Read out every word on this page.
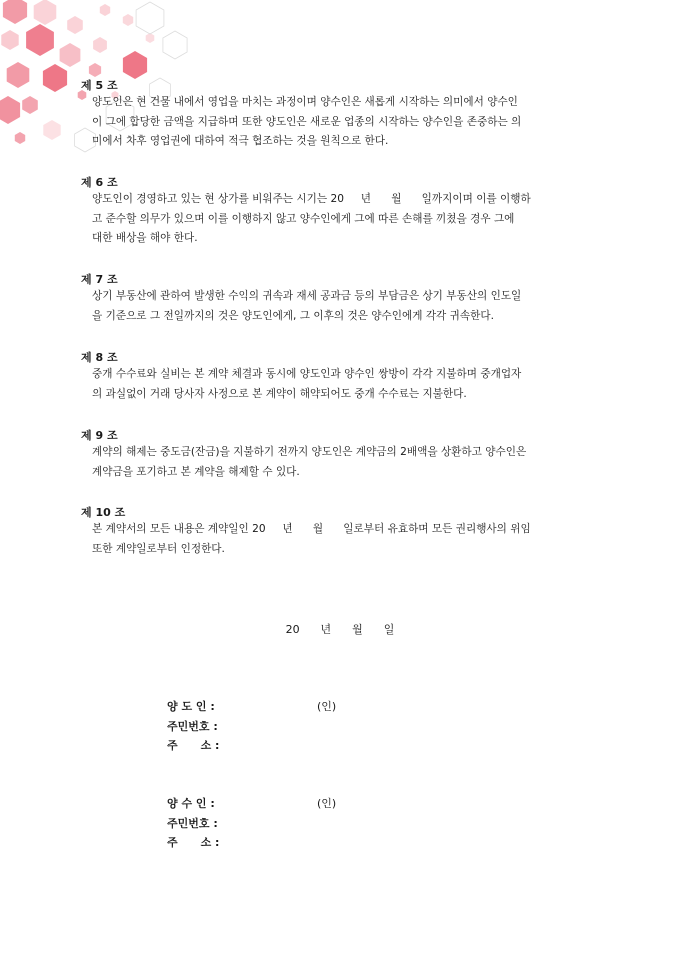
제 5 조
양도인은 현 건물 내에서 영업을 마치는 과정이며 양수인은 새롭게 시작하는 의미에서 양수인
이 그에 합당한 금액을 지급하며 또한 양도인은 새로운 업종의 시작하는 양수인을 존중하는 의
미에서 차후 영업권에 대하여 적극 협조하는 것을 원칙으로 한다.
제 6 조
양도인이 경영하고 있는 현 상가를 비워주는 시기는 20     년      월      일까지이며 이를 이행하
고 준수할 의무가 있으며 이를 이행하지 않고 양수인에게 그에 따른 손해를 끼쳤을 경우 그에
대한 배상을 해야 한다.
제 7 조
상기 부동산에 관하여 발생한 수익의 귀속과 재세 공과금 등의 부담금은 상기 부동산의 인도일
을 기준으로 그 전일까지의 것은 양도인에게, 그 이후의 것은 양수인에게 각각 귀속한다.
제 8 조
중개 수수료와 실비는 본 계약 체결과 동시에 양도인과 양수인 쌍방이 각각 지불하며 중개업자
의 과실없이 거래 당사자 사정으로 본 계약이 해약되어도 중개 수수료는 지불한다.
제 9 조
계약의 해제는 중도금(잔금)을 지불하기 전까지 양도인은 계약금의 2배액을 상환하고 양수인은
계약금을 포기하고 본 계약을 해제할 수 있다.
제 10 조
본 계약서의 모든 내용은 계약일인 20     년      월      일로부터 유효하며 모든 권리행사의 위임
또한 계약일로부터 인정한다.
20      년      월      일
양 도 인 :	(인)
주민번호 :
주      소 :
양 수 인 :	(인)
주민번호 :
주      소 :
